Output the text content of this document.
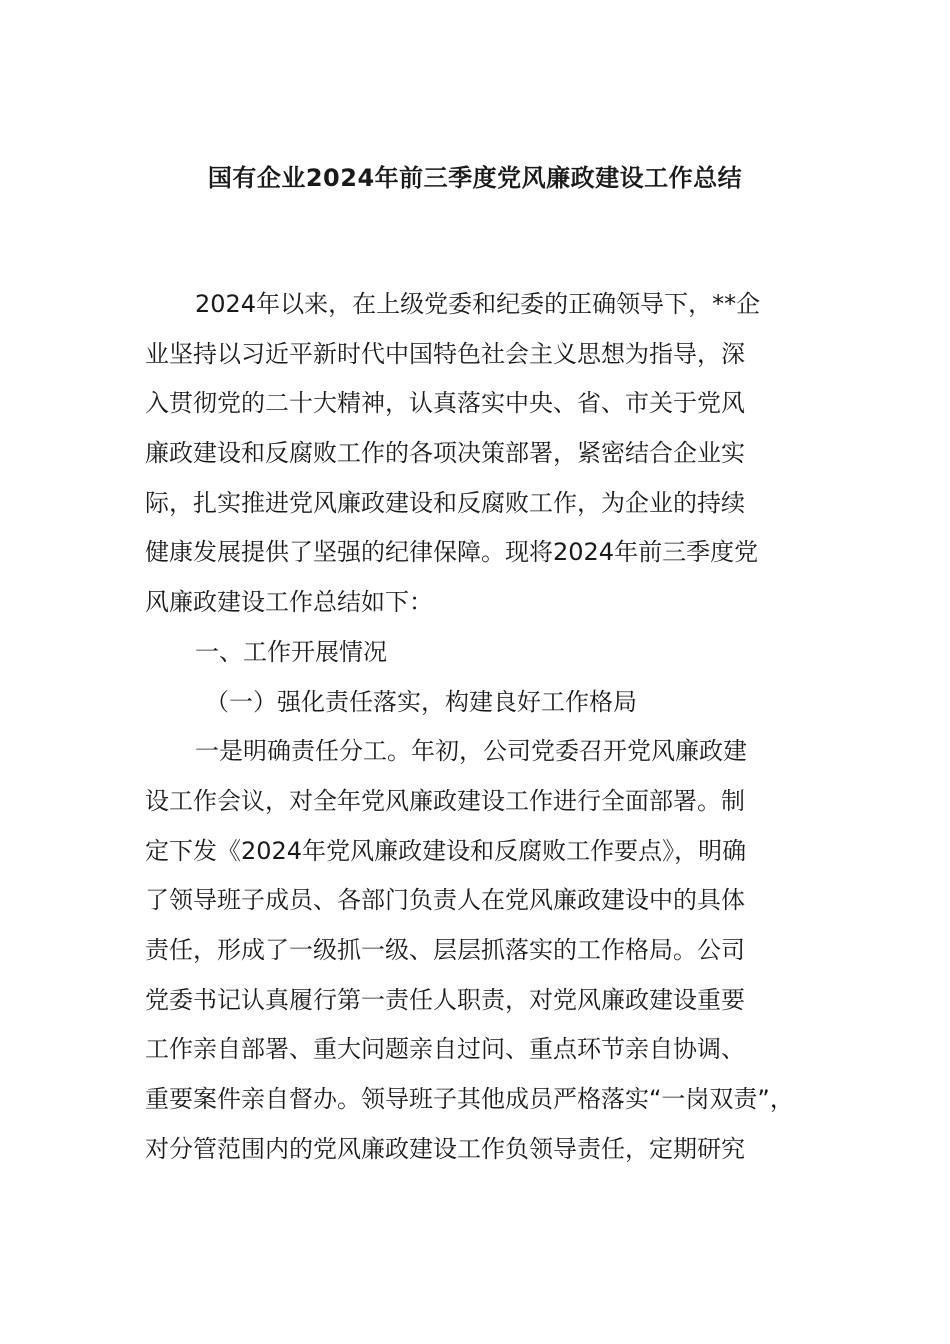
国有企业2024年前三季度党风廉政建设工作总结
2024年以来，在上级党委和纪委的正确领导下，**企
业坚持以习近平新时代中国特色社会主义思想为指导，深
入贯彻党的二十大精神，认真落实中央、省、市关于党风
廉政建设和反腐败工作的各项决策部署，紧密结合企业实
际，扎实推进党风廉政建设和反腐败工作，为企业的持续
健康发展提供了坚强的纪律保障。现将2024年前三季度党
风廉政建设工作总结如下：
一、工作开展情况
（一）强化责任落实，构建良好工作格局
一是明确责任分工。年初，公司党委召开党风廉政建
设工作会议，对全年党风廉政建设工作进行全面部署。制
定下发《2024年党风廉政建设和反腐败工作要点》，明确
了领导班子成员、各部门负责人在党风廉政建设中的具体
责任，形成了一级抓一级、层层抓落实的工作格局。公司
党委书记认真履行第一责任人职责，对党风廉政建设重要
工作亲自部署、重大问题亲自过问、重点环节亲自协调、
重要案件亲自督办。领导班子其他成员严格落实“一岗双责”，
对分管范围内的党风廉政建设工作负领导责任，定期研究
